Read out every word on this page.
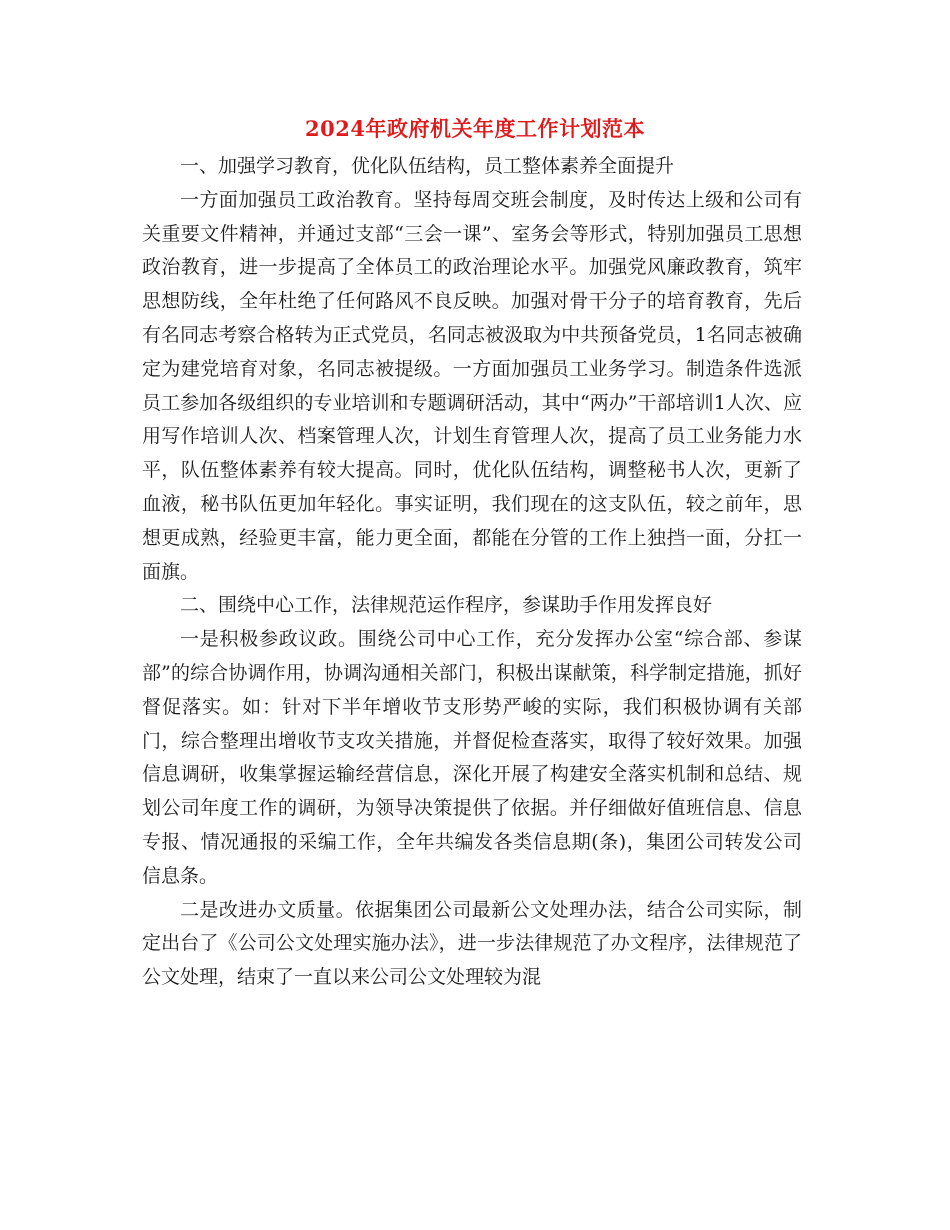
2024年政府机关年度工作计划范本

一、加强学习教育，优化队伍结构，员工整体素养全面提升

一方面加强员工政治教育。坚持每周交班会制度，及时传达上级和公司有关重要文件精神，并通过支部“三会一课”、室务会等形式，特别加强员工思想政治教育，进一步提高了全体员工的政治理论水平。加强党风廉政教育，筑牢思想防线，全年杜绝了任何路风不良反映。加强对骨干分子的培育教育，先后有名同志考察合格转为正式党员，名同志被汲取为中共预备党员，1名同志被确定为建党培育对象，名同志被提级。一方面加强员工业务学习。制造条件选派员工参加各级组织的专业培训和专题调研活动，其中“两办”干部培训1人次、应用写作培训人次、档案管理人次，计划生育管理人次，提高了员工业务能力水平，队伍整体素养有较大提高。同时，优化队伍结构，调整秘书人次，更新了血液，秘书队伍更加年轻化。事实证明，我们现在的这支队伍，较之前年，思想更成熟，经验更丰富，能力更全面，都能在分管的工作上独挡一面，分扛一面旗。

二、围绕中心工作，法律规范运作程序，参谋助手作用发挥良好

一是积极参政议政。围绕公司中心工作，充分发挥办公室“综合部、参谋部”的综合协调作用，协调沟通相关部门，积极出谋献策，科学制定措施，抓好督促落实。如：针对下半年增收节支形势严峻的实际，我们积极协调有关部门，综合整理出增收节支攻关措施，并督促检查落实，取得了较好效果。加强信息调研，收集掌握运输经营信息，深化开展了构建安全落实机制和总结、规划公司年度工作的调研，为领导决策提供了依据。并仔细做好值班信息、信息专报、情况通报的采编工作，全年共编发各类信息期(条)，集团公司转发公司信息条。

二是改进办文质量。依据集团公司最新公文处理办法，结合公司实际，制定出台了《公司公文处理实施办法》，进一步法律规范了办文程序，法律规范了公文处理，结束了一直以来公司公文处理较为混
